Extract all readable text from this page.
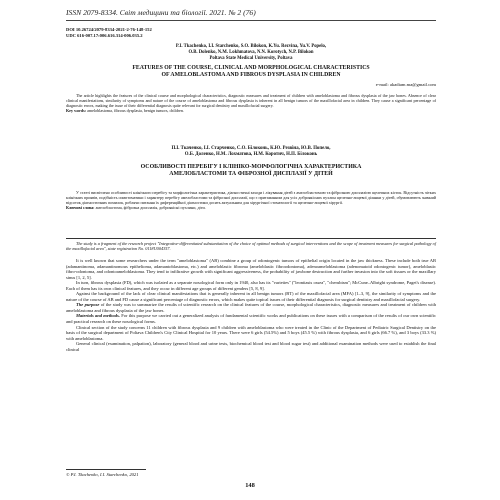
ISSN 2079-8334. Світ медицини та біології. 2021. № 2 (76)
DOI 10.26724/2079-8334-2021-2-76-148-152
UDC 616-007.17:006.616.314-006.035.2
P.I. Tkachenko, I.I. Starchenko, S.O. Bilokon, K.Yu. Rezvina, Yu.V. Popelo,
O.B. Dolenko, N.M. Lokhmatova, N.N. Korotych, N.P. Bilokon
Poltava State Medical University, Poltava
FEATURES OF THE COURSE, CLINICAL AND MORPHOLOGICAL CHARACTERISTICS
OF AMELOBLASTOMA AND FIBROUS DYSPLASIA IN CHILDREN
e-mail: akadiam.ma@gmail.com

The article highlights the features of the clinical course and morphological characteristics, diagnostic measures and treatment of children with ameloblastoma and fibrous dysplasia of the jaw bones. Absence of clear clinical manifestations, similarity of symptoms and nature of the course of ameloblastoma and fibrous dysplasia is inherent in all benign tumors of the maxillofacial area in children. They cause a significant percentage of diagnostic errors, making the issue of their differential diagnosis quite relevant for surgical dentistry and maxillofacial surgery.

Key words: ameloblastoma, fibrous dysplasia, benign tumors, children.

П.І. Ткаченко, І.І. Старченко, С.О. Білоконь, К.Ю. Резвіна, Ю.В. Попело,
О.Б. Доленко, Н.М. Лохматова, Н.М. Коротич, Н.П. Білоконь
ОСОБЛИВОСТІ ПЕРЕБІГУ І КЛІНІКО-МОРФОЛОГІЧНА ХАРАКТЕРИСТИКА
АМЕЛОБЛАСТОМИ ТА ФІБРОЗНОЇ ДИСПЛАЗІЇ У ДІТЕЙ

У статті висвітлено особливості клінічного перебігу та морфологічна характеристика, діагностичні заходи і лікування дітей з амелобластомою та фіброзною дисплазією щелепних кісток. Відсутність чітких клінічних проявів, подібність симптоматики і характеру перебігу амелобластоми та фіброзної дисплазії, що є притаманним для усіх доброякісних пухлин щелепно-лицевої ділянки у дітей, обумовлюють значний відсоток діагностичних помилок, роблячи питання їх диференційної діагностики досить актуальним для хірургічної стоматології та щелепно-лицевої хірургії.

Ключові слова: амелобластома, фіброзна дисплазія, доброякісні пухлини, діти.

The study is a fragment of the research project "Integrative-differentiated substantiation of the choice of optimal methods of surgical interventions and the scope of treatment measures for surgical pathology of the maxillofacial area", state registration No. 0118U004357.

It is well known that some researchers under the term "ameloblastoma" (AB) combine a group of odontogenic tumors of epithelial origin located in the jaw thickness. These include both true AB (adamantinoma, adamantinomous epithelioma, adamantoblastoma, etc.) and ameloblastic fibroma (ameloblastic fibroodontoma), adenoameloblastoma (adenomatoid odontogenic tumor), ameloblastic fibro-odontoma, and odontoameloblastoma. They tend to infiltrative growth with significant aggressiveness, the probability of jawbone destruction and further invasion into the soft tissues or the maxillary sinus [1, 2, 5].

In turn, fibrous dysplasia (FD), which was isolated as a separate nosological form only in 1940, also has its "varieties" ("leontiasis ossea", "cherubism"; McCune–Albright syndrome, Paget's disease). Each of them has its own clinical features, and they occur in different age groups of different genders [5, 8, 9].

Against the background of the lack of clear clinical manifestations that is generally inherent in all benign tumors (BT) of the maxillofacial area (MFA) [1–3, 9], the similarity of symptoms and the nature of the course of AB and FD cause a significant percentage of diagnostic errors, which makes quite topical issues of their differential diagnosis for surgical dentistry and maxillofacial surgery.

The purpose of the study was to summarize the results of scientific research on the clinical features of the course, morphological characteristics, diagnostic measures and treatment of children with ameloblastoma and fibrous dysplasia of the jaw bones.

Materials and methods. For this purpose we carried out a generalized analysis of fundamental scientific works and publications on these issues with a comparison of the results of our own scientific and practical research on these nosological forms.

Clinical section of the study concerns 11 children with fibrous dysplasia and 9 children with ameloblastoma who were treated in the Clinic of the Department of Pediatric Surgical Dentistry on the basis of the surgical department of Poltava Children's City Clinical Hospital for 10 years. There were 6 girls (54.5%) and 5 boys (45.5 %) with fibrous dysplasia, and 6 girls (66.7 %), and 3 boys (33.3 %) with ameloblastoma.

General clinical (examination, palpation), laboratory (general blood and urine tests, biochemical blood test and blood sugar test) and additional examination methods were used to establish the final clinical

© P.I. Tkachenko, I.I. Starchenko, 2021
148
